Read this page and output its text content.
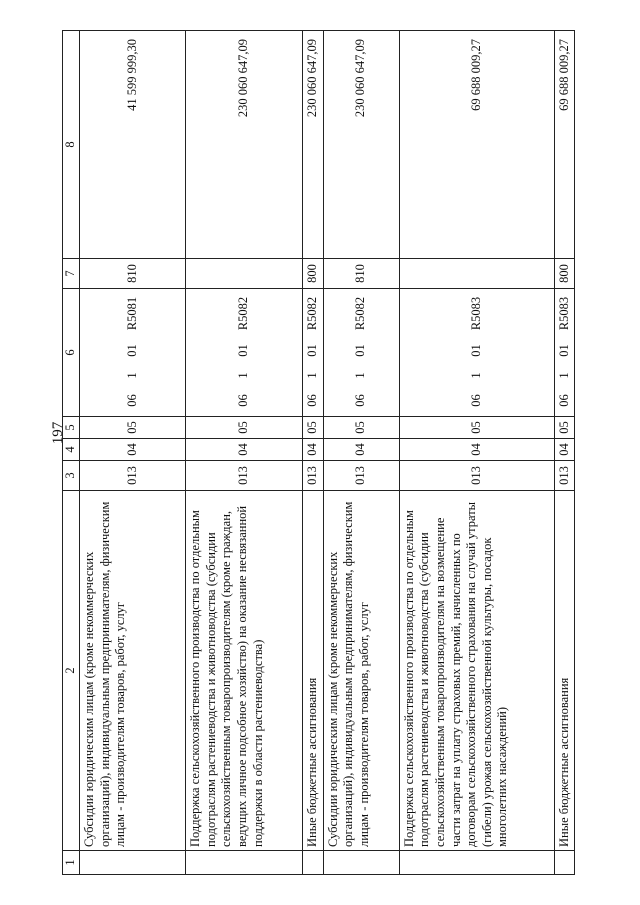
197
1	2	3	4	5	6	7	8
	Субсидии юридическим лицам (кроме некоммерческих организаций), индивидуальным предпринимателям, физическим лицам - производителям товаров, работ, услуг	013	04	05	06101R5081	810	41 599 999,30
	Поддержка сельскохозяйственного производства по отдельным подотраслям растениеводства и животноводства (субсидии сельскохозяйственным товаропроизводителям (кроме граждан, ведущих личное подсобное хозяйство) на оказание несвязанной поддержки в области растениеводства)	013	04	05	06101R5082		230 060 647,09
	Иные бюджетные ассигнования	013	04	05	06101R5082	800	230 060 647,09
	Субсидии юридическим лицам (кроме некоммерческих организаций), индивидуальным предпринимателям, физическим лицам - производителям товаров, работ, услуг	013	04	05	06101R5082	810	230 060 647,09
	Поддержка сельскохозяйственного производства по отдельным подотраслям растениеводства и животноводства (субсидии сельскохозяйственным товаропроизводителям на возмещение части затрат на уплату страховых премий, начисленных по договорам сельскохозяйственного страхования на случай утраты (гибели) урожая сельскохозяйственной культуры, посадок многолетних насаждений)	013	04	05	06101R5083		69 688 009,27
	Иные бюджетные ассигнования	013	04	05	06101R5083	800	69 688 009,27
